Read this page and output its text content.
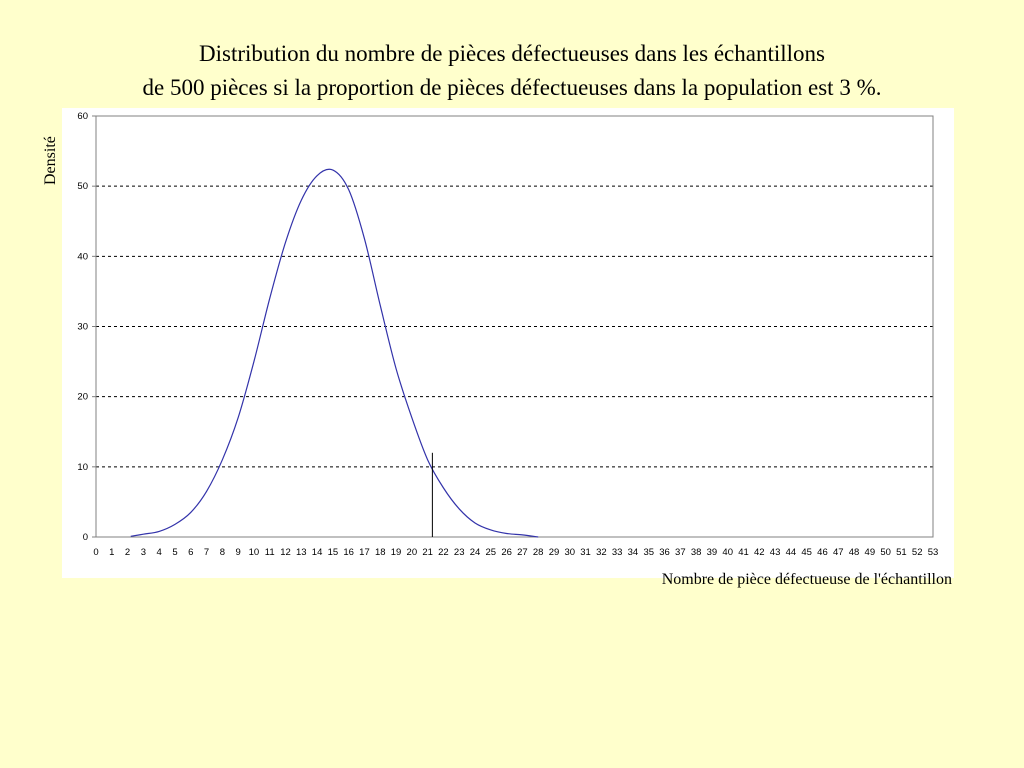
Distribution du nombre de pièces défectueuses dans les échantillons
de 500 pièces si la proportion de pièces défectueuses dans la population est 3 %.
0
10
20
30
40
50
60
0 1 2 3 4 5 6 7 8 9 10 11 12 13 14 15 16 17 18 19 20 21 22 23 24 25 26 27 28 29 30 31 32 33 34 35 36 37 38 39 40 41 42 43 44 45 46 47 48 49 50 51 52 53
Densité
Nombre de pièce défectueuse de l'échantillon
